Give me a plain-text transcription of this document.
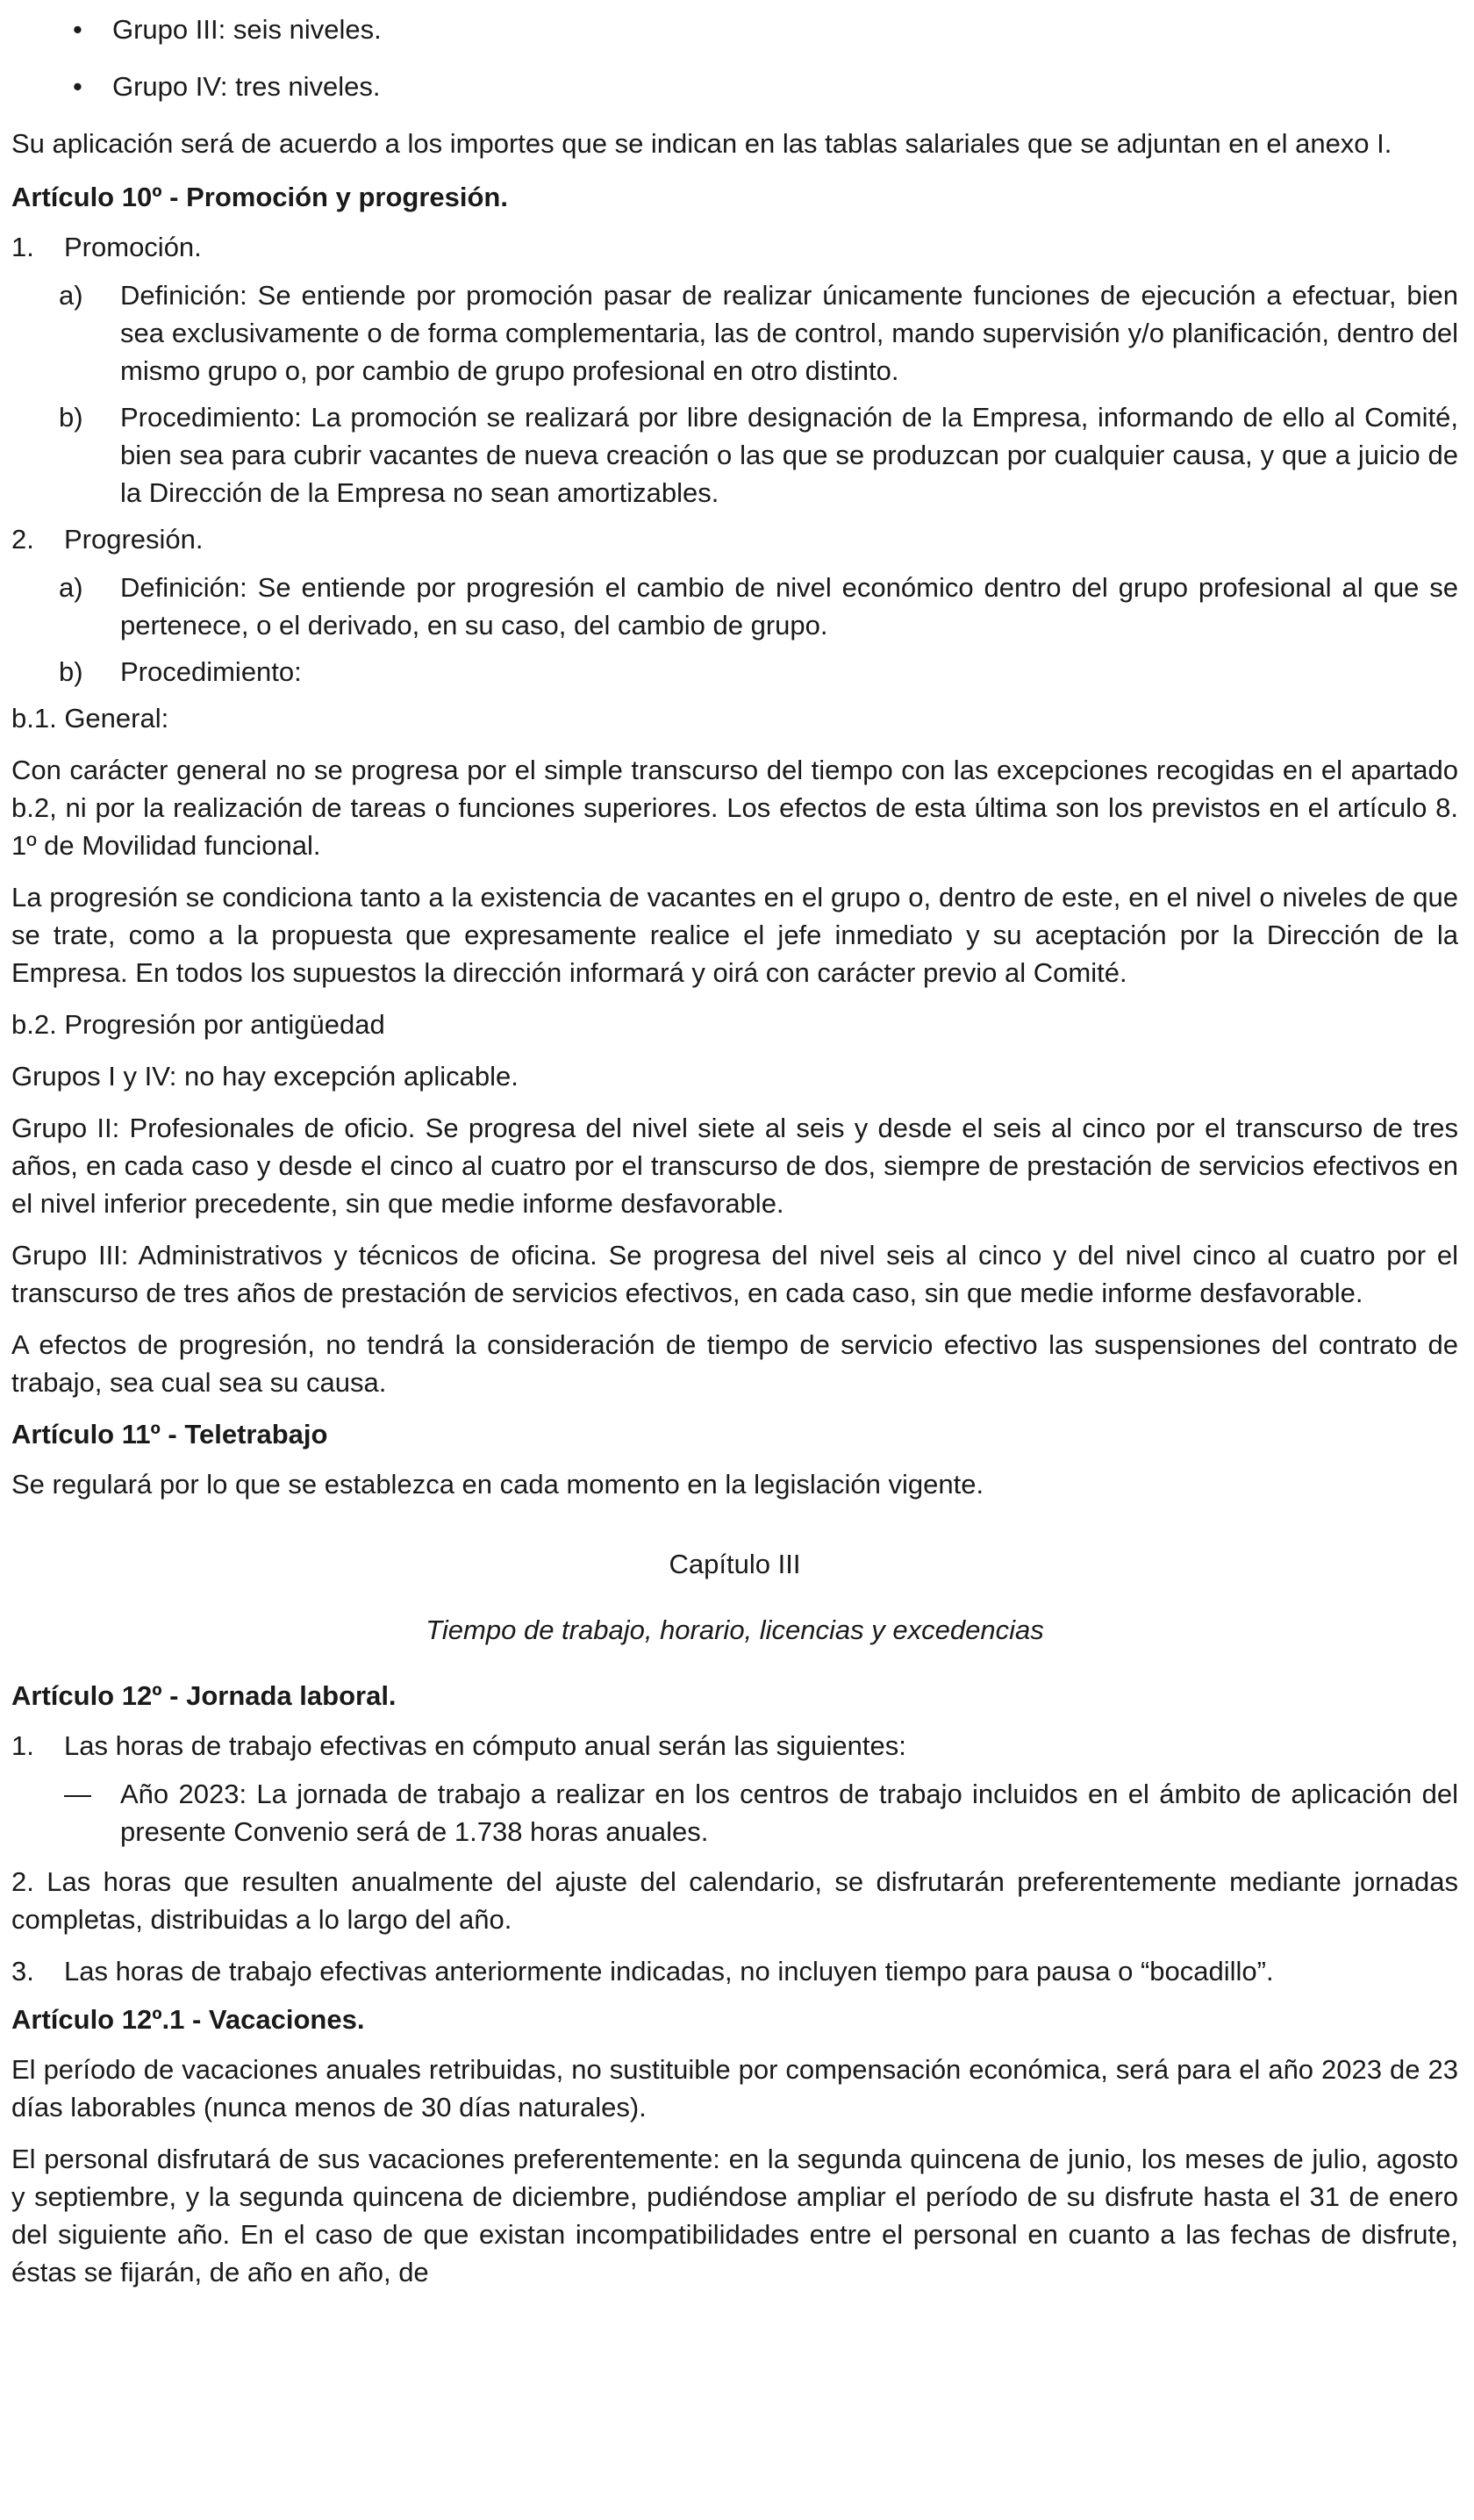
• Grupo III: seis niveles.

• Grupo IV: tres niveles.

Su aplicación será de acuerdo a los importes que se indican en las tablas salariales que se adjuntan en el anexo I.

Artículo 10º - Promoción y progresión.

1. Promoción.

a) Definición: Se entiende por promoción pasar de realizar únicamente funciones de ejecución a efectuar, bien sea exclusivamente o de forma complementaria, las de control, mando supervisión y/o planificación, dentro del mismo grupo o, por cambio de grupo profesional en otro distinto.

b) Procedimiento: La promoción se realizará por libre designación de la Empresa, informando de ello al Comité, bien sea para cubrir vacantes de nueva creación o las que se produzcan por cualquier causa, y que a juicio de la Dirección de la Empresa no sean amortizables.

2. Progresión.

a) Definición: Se entiende por progresión el cambio de nivel económico dentro del grupo profesional al que se pertenece, o el derivado, en su caso, del cambio de grupo.

b) Procedimiento:

b.1. General:

Con carácter general no se progresa por el simple transcurso del tiempo con las excepciones recogidas en el apartado b.2, ni por la realización de tareas o funciones superiores. Los efectos de esta última son los previstos en el artículo 8. 1º de Movilidad funcional.

La progresión se condiciona tanto a la existencia de vacantes en el grupo o, dentro de este, en el nivel o niveles de que se trate, como a la propuesta que expresamente realice el jefe inmediato y su aceptación por la Dirección de la Empresa. En todos los supuestos la dirección informará y oirá con carácter previo al Comité.

b.2. Progresión por antigüedad

Grupos I y IV: no hay excepción aplicable.

Grupo II: Profesionales de oficio. Se progresa del nivel siete al seis y desde el seis al cinco por el transcurso de tres años, en cada caso y desde el cinco al cuatro por el transcurso de dos, siempre de prestación de servicios efectivos en el nivel inferior precedente, sin que medie informe desfavorable.

Grupo III: Administrativos y técnicos de oficina. Se progresa del nivel seis al cinco y del nivel cinco al cuatro por el transcurso de tres años de prestación de servicios efectivos, en cada caso, sin que medie informe desfavorable.

A efectos de progresión, no tendrá la consideración de tiempo de servicio efectivo las suspensiones del contrato de trabajo, sea cual sea su causa.

Artículo 11º - Teletrabajo

Se regulará por lo que se establezca en cada momento en la legislación vigente.

Capítulo III

Tiempo de trabajo, horario, licencias y excedencias

Artículo 12º - Jornada laboral.

1. Las horas de trabajo efectivas en cómputo anual serán las siguientes:

— Año 2023: La jornada de trabajo a realizar en los centros de trabajo incluidos en el ámbito de aplicación del presente Convenio será de 1.738 horas anuales.

2. Las horas que resulten anualmente del ajuste del calendario, se disfrutarán preferentemente mediante jornadas completas, distribuidas a lo largo del año.

3. Las horas de trabajo efectivas anteriormente indicadas, no incluyen tiempo para pausa o “bocadillo”.

Artículo 12º.1 - Vacaciones.

El período de vacaciones anuales retribuidas, no sustituible por compensación económica, será para el año 2023 de 23 días laborables (nunca menos de 30 días naturales).

El personal disfrutará de sus vacaciones preferentemente: en la segunda quincena de junio, los meses de julio, agosto y septiembre, y la segunda quincena de diciembre, pudiéndose ampliar el período de su disfrute hasta el 31 de enero del siguiente año. En el caso de que existan incompatibilidades entre el personal en cuanto a las fechas de disfrute, éstas se fijarán, de año en año, de
